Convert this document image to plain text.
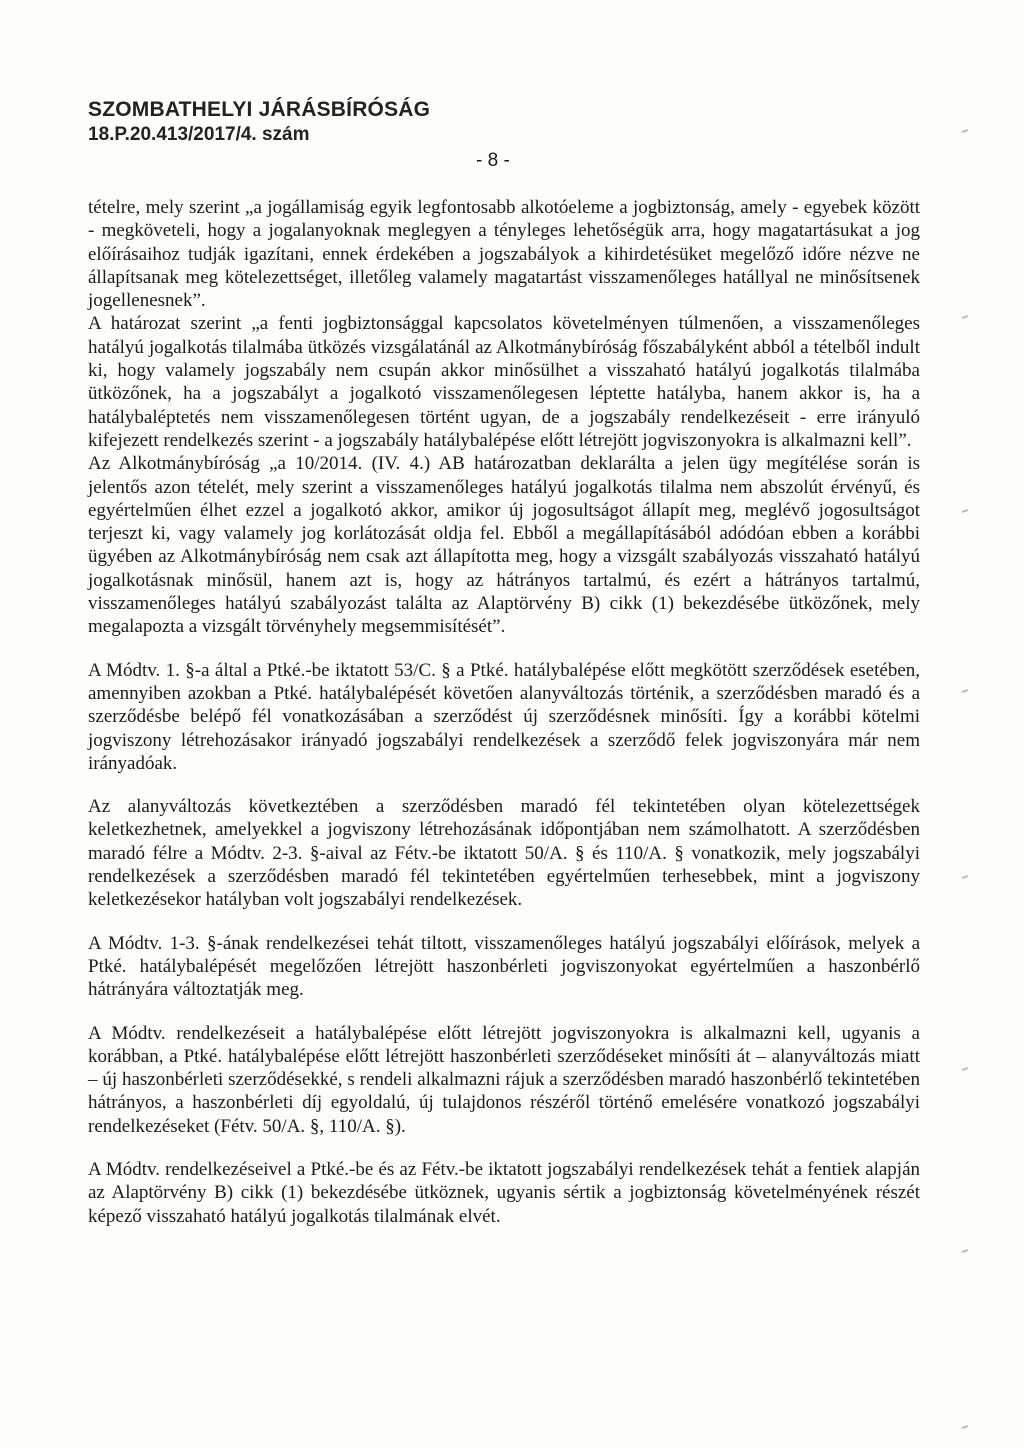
SZOMBATHELYI JÁRÁSBÍRÓSÁG
18.P.20.413/2017/4. szám
- 8 -

tételre, mely szerint „a jogállamiság egyik legfontosabb alkotóeleme a jogbiztonság, amely - egyebek között - megköveteli, hogy a jogalanyoknak meglegyen a tényleges lehetőségük arra, hogy magatartásukat a jog előírásaihoz tudják igazítani, ennek érdekében a jogszabályok a kihirdetésüket megelőző időre nézve ne állapítsanak meg kötelezettséget, illetőleg valamely magatartást visszamenőleges hatállyal ne minősítsenek jogellenesnek”.

A határozat szerint „a fenti jogbiztonsággal kapcsolatos követelményen túlmenően, a visszamenőleges hatályú jogalkotás tilalmába ütközés vizsgálatánál az Alkotmánybíróság főszabályként abból a tételből indult ki, hogy valamely jogszabály nem csupán akkor minősülhet a visszaható hatályú jogalkotás tilalmába ütközőnek, ha a jogszabályt a jogalkotó visszamenőlegesen léptette hatályba, hanem akkor is, ha a hatálybaléptetés nem visszamenőlegesen történt ugyan, de a jogszabály rendelkezéseit - erre irányuló kifejezett rendelkezés szerint - a jogszabály hatálybalépése előtt létrejött jogviszonyokra is alkalmazni kell”.

Az Alkotmánybíróság „a 10/2014. (IV. 4.) AB határozatban deklarálta a jelen ügy megítélése során is jelentős azon tételét, mely szerint a visszamenőleges hatályú jogalkotás tilalma nem abszolút érvényű, és egyértelműen élhet ezzel a jogalkotó akkor, amikor új jogosultságot állapít meg, meglévő jogosultságot terjeszt ki, vagy valamely jog korlátozását oldja fel. Ebből a megállapításából adódóan ebben a korábbi ügyében az Alkotmánybíróság nem csak azt állapította meg, hogy a vizsgált szabályozás visszaható hatályú jogalkotásnak minősül, hanem azt is, hogy az hátrányos tartalmú, és ezért a hátrányos tartalmú, visszamenőleges hatályú szabályozást találta az Alaptörvény B) cikk (1) bekezdésébe ütközőnek, mely megalapozta a vizsgált törvényhely megsemmisítését”.

A Módtv. 1. §-a által a Ptké.-be iktatott 53/C. § a Ptké. hatálybalépése előtt megkötött szerződések esetében, amennyiben azokban a Ptké. hatálybalépését követően alanyváltozás történik, a szerződésben maradó és a szerződésbe belépő fél vonatkozásában a szerződést új szerződésnek minősíti. Így a korábbi kötelmi jogviszony létrehozásakor irányadó jogszabályi rendelkezések a szerződő felek jogviszonyára már nem irányadóak.

Az alanyváltozás következtében a szerződésben maradó fél tekintetében olyan kötelezettségek keletkezhetnek, amelyekkel a jogviszony létrehozásának időpontjában nem számolhatott. A szerződésben maradó félre a Módtv. 2-3. §-aival az Fétv.-be iktatott 50/A. § és 110/A. § vonatkozik, mely jogszabályi rendelkezések a szerződésben maradó fél tekintetében egyértelműen terhesebbek, mint a jogviszony keletkezésekor hatályban volt jogszabályi rendelkezések.

A Módtv. 1-3. §-ának rendelkezései tehát tiltott, visszamenőleges hatályú jogszabályi előírások, melyek a Ptké. hatálybalépését megelőzően létrejött haszonbérleti jogviszonyokat egyértelműen a haszonbérlő hátrányára változtatják meg.

A Módtv. rendelkezéseit a hatálybalépése előtt létrejött jogviszonyokra is alkalmazni kell, ugyanis a korábban, a Ptké. hatálybalépése előtt létrejött haszonbérleti szerződéseket minősíti át – alanyváltozás miatt – új haszonbérleti szerződésekké, s rendeli alkalmazni rájuk a szerződésben maradó haszonbérlő tekintetében hátrányos, a haszonbérleti díj egyoldalú, új tulajdonos részéről történő emelésére vonatkozó jogszabályi rendelkezéseket (Fétv. 50/A. §, 110/A. §).

A Módtv. rendelkezéseivel a Ptké.-be és az Fétv.-be iktatott jogszabályi rendelkezések tehát a fentiek alapján az Alaptörvény B) cikk (1) bekezdésébe ütköznek, ugyanis sértik a jogbiztonság követelményének részét képező visszaható hatályú jogalkotás tilalmának elvét.
